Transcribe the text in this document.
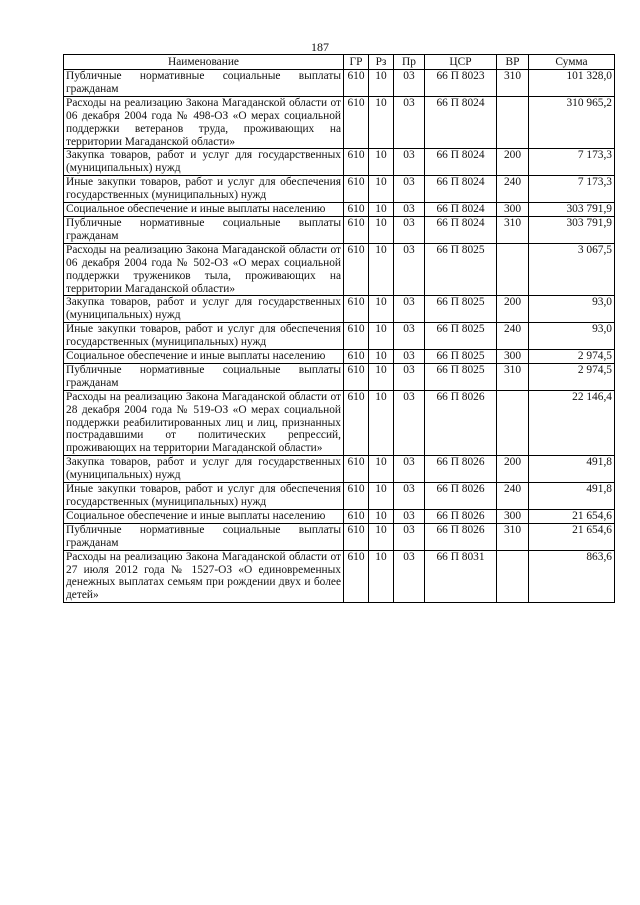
187
Наименование	ГР	Рз	Пр	ЦСР	ВР	Сумма
Публичные нормативные социальные выплаты гражданам	610	10	03	66 П 8023	310	101 328,0
Расходы на реализацию Закона Магаданской области от 06 декабря 2004 года № 498-ОЗ «О мерах социальной поддержки ветеранов труда, проживающих на территории Магаданской области»	610	10	03	66 П 8024		310 965,2
Закупка товаров, работ и услуг для государственных (муниципальных) нужд	610	10	03	66 П 8024	200	7 173,3
Иные закупки товаров, работ и услуг для обеспечения государственных (муниципальных) нужд	610	10	03	66 П 8024	240	7 173,3
Социальное обеспечение и иные выплаты населению	610	10	03	66 П 8024	300	303 791,9
Публичные нормативные социальные выплаты гражданам	610	10	03	66 П 8024	310	303 791,9
Расходы на реализацию Закона Магаданской области от 06 декабря 2004 года № 502-ОЗ «О мерах социальной поддержки тружеников тыла, проживающих на территории Магаданской области»	610	10	03	66 П 8025		3 067,5
Закупка товаров, работ и услуг для государственных (муниципальных) нужд	610	10	03	66 П 8025	200	93,0
Иные закупки товаров, работ и услуг для обеспечения государственных (муниципальных) нужд	610	10	03	66 П 8025	240	93,0
Социальное обеспечение и иные выплаты населению	610	10	03	66 П 8025	300	2 974,5
Публичные нормативные социальные выплаты гражданам	610	10	03	66 П 8025	310	2 974,5
Расходы на реализацию Закона Магаданской области от 28 декабря 2004 года № 519-ОЗ «О мерах социальной поддержки реабилитированных лиц и лиц, признанных пострадавшими от политических репрессий, проживающих на территории Магаданской области»	610	10	03	66 П 8026		22 146,4
Закупка товаров, работ и услуг для государственных (муниципальных) нужд	610	10	03	66 П 8026	200	491,8
Иные закупки товаров, работ и услуг для обеспечения государственных (муниципальных) нужд	610	10	03	66 П 8026	240	491,8
Социальное обеспечение и иные выплаты населению	610	10	03	66 П 8026	300	21 654,6
Публичные нормативные социальные выплаты гражданам	610	10	03	66 П 8026	310	21 654,6
Расходы на реализацию Закона Магаданской области от 27 июля 2012 года № 1527-ОЗ «О единовременных денежных выплатах семьям при рождении двух и более детей»	610	10	03	66 П 8031		863,6
